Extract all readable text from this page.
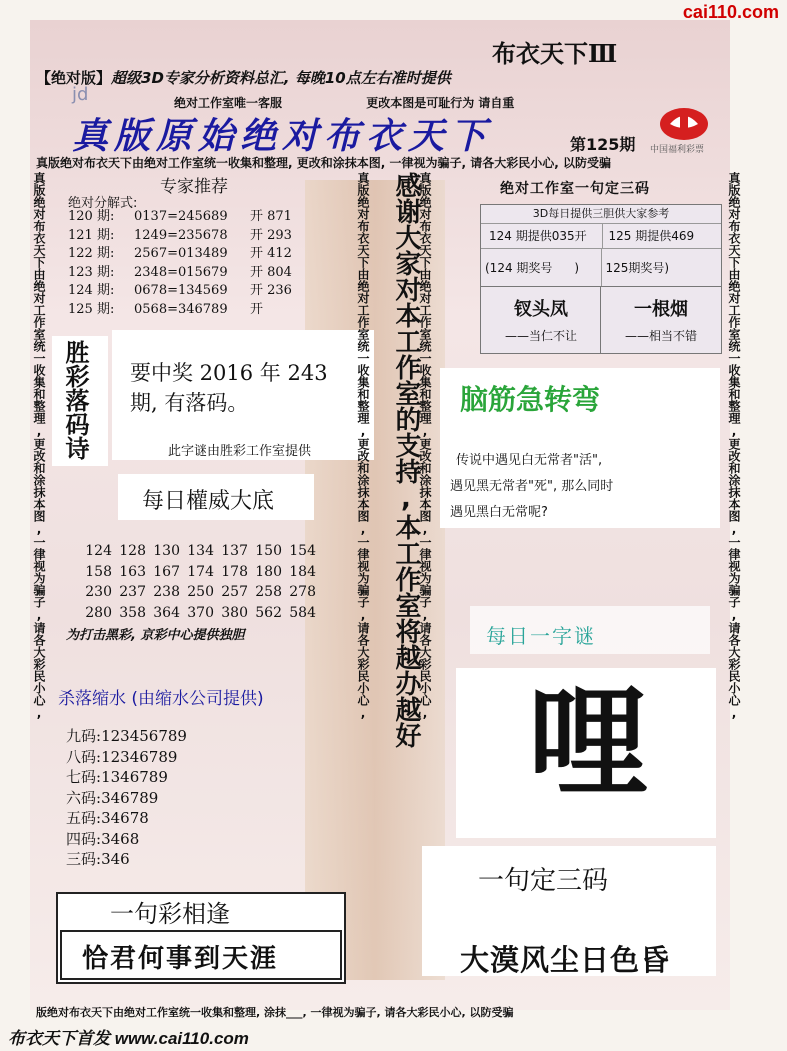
cai110.com
布衣天下Ⅲ
【绝对版】超级3D专家分析资料总汇, 每晚10点左右准时提供
绝对工作室唯一客服	更改本图是可耻行为 请自重
jd
真版原始绝对布衣天下	第125期 中国福利彩票
真版绝对布衣天下由绝对工作室统一收集和整理, 更改和涂抹本图, 一律视为骗子, 请各大彩民小心, 以防受骗
真版绝对布衣天下由绝对工作室统一收集和整理,更改和涂抹本图,一律视为骗子,请各大彩民小心,	真版绝对布衣天下由绝对工作室统一收集和整理,更改和涂抹本图,一律视为骗子,请各大彩民小心,
专家推荐
绝对分解式:
120 期: 0137=245689 开 871
121 期: 1249=235678 开 293
122 期: 2567=013489 开 412
123 期: 2348=015679 开 804
124 期: 0678=134569 开 236
125 期: 0568=346789 开
胜彩落码诗 要中奖 2016 年 243 期, 有落码。
此字谜由胜彩工作室提供
每日權威大底
124 128 130 134 137 150 154
158 163 167 174 178 180 184
230 237 238 250 257 258 278
280 358 364 370 380 562 584
为打击黑彩, 京彩中心提供独胆
杀落缩水 (由缩水公司提供)
九码:123456789
八码:12346789
七码:1346789
六码:346789
五码:34678
四码:3468
三码:346
一句彩相逢
恰君何事到天涯
真版绝对布衣天下由绝对工作室统一收集和整理,更改和涂抹本图,一律视为骗子,请各大彩民小心,	真版绝对布衣天下由绝对工作室统一收集和整理,更改和涂抹本图,一律视为骗子,请各大彩民小心,
感谢大家对本工作室的支持,本工作室将越办越好	绝对工作室一句定三码
3D每日提供三胆供大家参考
124 期提供035开	125 期提供469
(124 期奖号 )	125期奖号)
钗头凤
——当仁不让
一根烟
——相当不错
脑筋急转弯
传说中遇见白无常者"活",
遇见黑无常者"死", 那么同时
遇见黑白无常呢?
每日一字谜
哩
一句定三码
大漠风尘日色昏
版绝对布衣天下由绝对工作室统一收集和整理, 涂抹___, 一律视为骗子, 请各大彩民小心, 以防受骗
布衣天下首发 www.cai110.com
